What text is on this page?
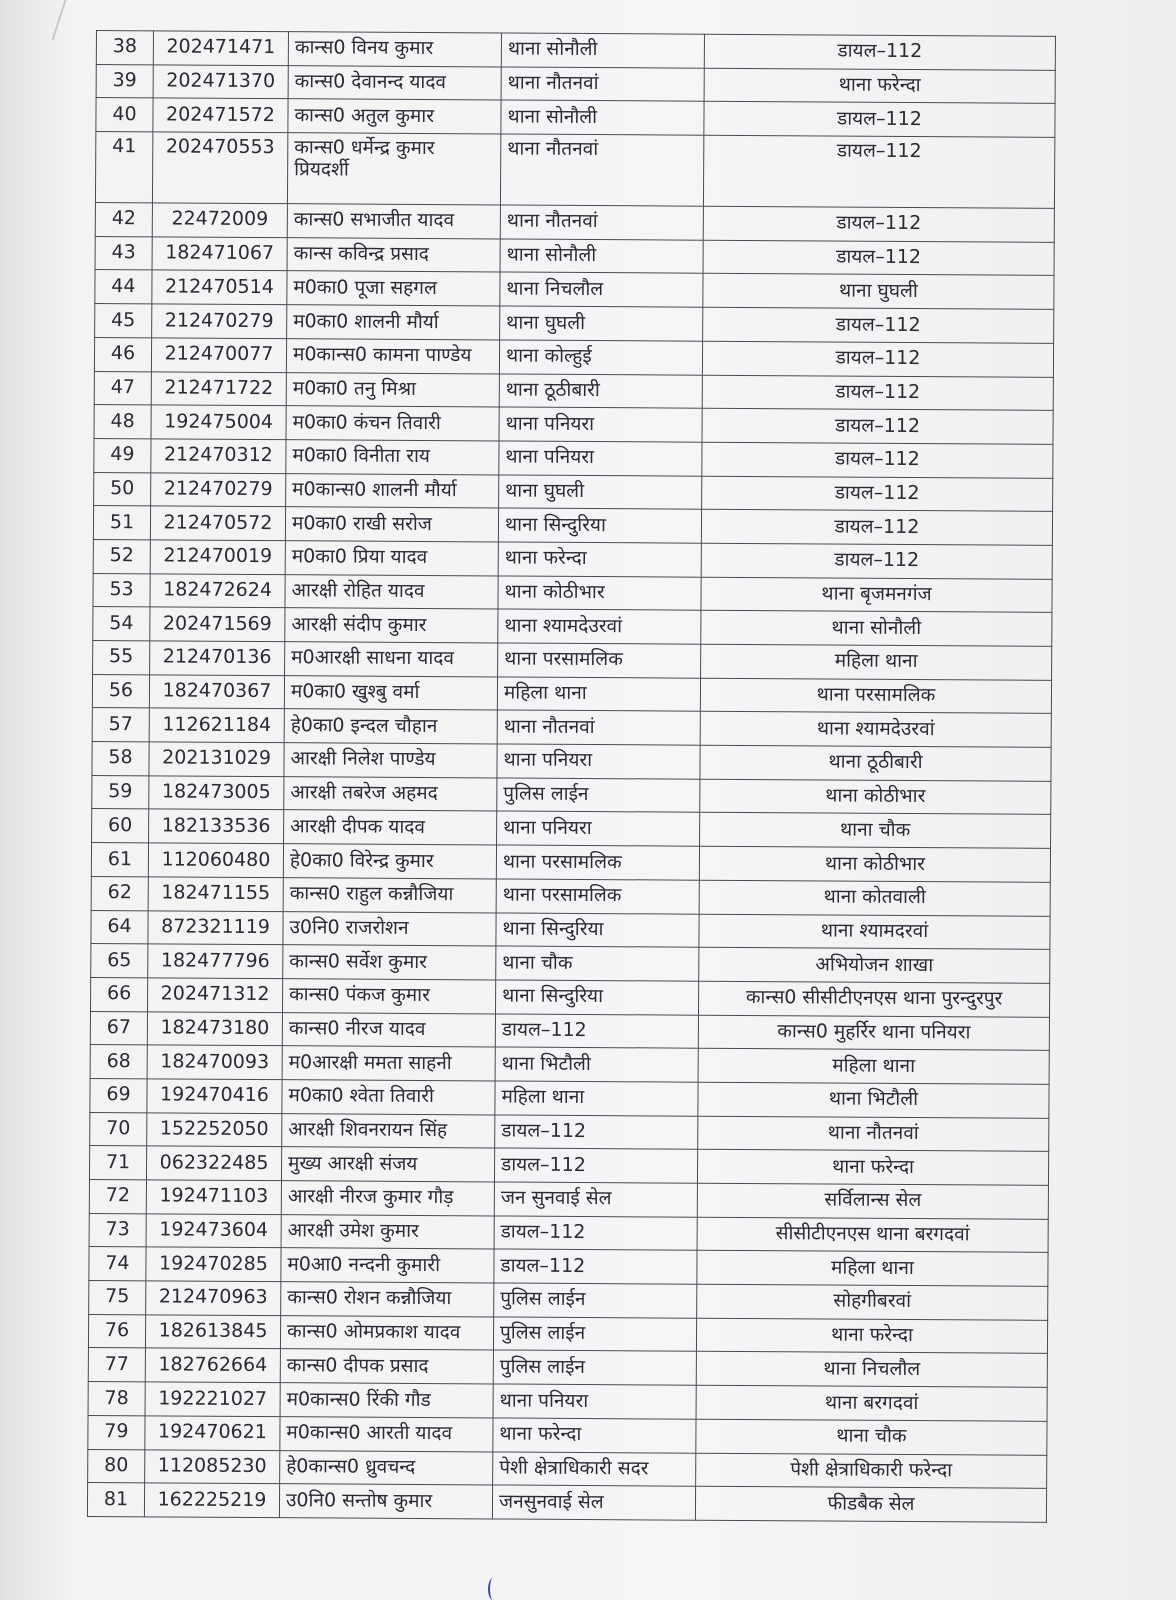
38	202471471	कान्स0 विनय कुमार	थाना सोनौली	डायल–112
39	202471370	कान्स0 देवानन्द यादव	थाना नौतनवां	थाना फरेन्दा
40	202471572	कान्स0 अतुल कुमार	थाना सोनौली	डायल–112
41	202470553	कान्स0 धर्मेन्द्र कुमार प्रियदर्शी	थाना नौतनवां	डायल–112
42	22472009	कान्स0 सभाजीत यादव	थाना नौतनवां	डायल–112
43	182471067	कान्स कविन्द्र प्रसाद	थाना सोनौली	डायल–112
44	212470514	म0का0 पूजा सहगल	थाना निचलौल	थाना घुघली
45	212470279	म0का0 शालनी मौर्या	थाना घुघली	डायल–112
46	212470077	म0कान्स0 कामना पाण्डेय	थाना कोल्हुई	डायल–112
47	212471722	म0का0 तनु मिश्रा	थाना ठूठीबारी	डायल–112
48	192475004	म0का0 कंचन तिवारी	थाना पनियरा	डायल–112
49	212470312	म0का0 विनीता राय	थाना पनियरा	डायल–112
50	212470279	म0कान्स0 शालनी मौर्या	थाना घुघली	डायल–112
51	212470572	म0का0 राखी सरोज	थाना सिन्दुरिया	डायल–112
52	212470019	म0का0 प्रिया यादव	थाना फरेन्दा	डायल–112
53	182472624	आरक्षी रोहित यादव	थाना कोठीभार	थाना बृजमनगंज
54	202471569	आरक्षी संदीप कुमार	थाना श्यामदेउरवां	थाना सोनौली
55	212470136	म0आरक्षी साधना यादव	थाना परसामलिक	महिला थाना
56	182470367	म0का0 खुश्बु वर्मा	महिला थाना	थाना परसामलिक
57	112621184	हे0का0 इन्दल चौहान	थाना नौतनवां	थाना श्यामदेउरवां
58	202131029	आरक्षी निलेश पाण्डेय	थाना पनियरा	थाना ठूठीबारी
59	182473005	आरक्षी तबरेज अहमद	पुलिस लाईन	थाना कोठीभार
60	182133536	आरक्षी दीपक यादव	थाना पनियरा	थाना चौक
61	112060480	हे0का0 विरेन्द्र कुमार	थाना परसामलिक	थाना कोठीभार
62	182471155	कान्स0 राहुल कन्नौजिया	थाना परसामलिक	थाना कोतवाली
64	872321119	उ0नि0 राजरोशन	थाना सिन्दुरिया	थाना श्यामदरवां
65	182477796	कान्स0 सर्वेश कुमार	थाना चौक	अभियोजन शाखा
66	202471312	कान्स0 पंकज कुमार	थाना सिन्दुरिया	कान्स0 सीसीटीएनएस थाना पुरन्दुरपुर
67	182473180	कान्स0 नीरज यादव	डायल–112	कान्स0 मुहर्रिर थाना पनियरा
68	182470093	म0आरक्षी ममता साहनी	थाना भिटौली	महिला थाना
69	192470416	म0का0 श्वेता तिवारी	महिला थाना	थाना भिटौली
70	152252050	आरक्षी शिवनरायन सिंह	डायल–112	थाना नौतनवां
71	062322485	मुख्य आरक्षी संजय	डायल–112	थाना फरेन्दा
72	192471103	आरक्षी नीरज कुमार गौड़	जन सुनवाई सेल	सर्विलान्स सेल
73	192473604	आरक्षी उमेश कुमार	डायल–112	सीसीटीएनएस थाना बरगदवां
74	192470285	म0आ0 नन्दनी कुमारी	डायल–112	महिला थाना
75	212470963	कान्स0 रोशन कन्नौजिया	पुलिस लाईन	सोहगीबरवां
76	182613845	कान्स0 ओमप्रकाश यादव	पुलिस लाईन	थाना फरेन्दा
77	182762664	कान्स0 दीपक प्रसाद	पुलिस लाईन	थाना निचलौल
78	192221027	म0कान्स0 रिंकी गौड	थाना पनियरा	थाना बरगदवां
79	192470621	म0कान्स0 आरती यादव	थाना फरेन्दा	थाना चौक
80	112085230	हे0कान्स0 ध्रुवचन्द	पेशी क्षेत्राधिकारी सदर	पेशी क्षेत्राधिकारी फरेन्दा
81	162225219	उ0नि0 सन्तोष कुमार	जनसुनवाई सेल	फीडबैक सेल
